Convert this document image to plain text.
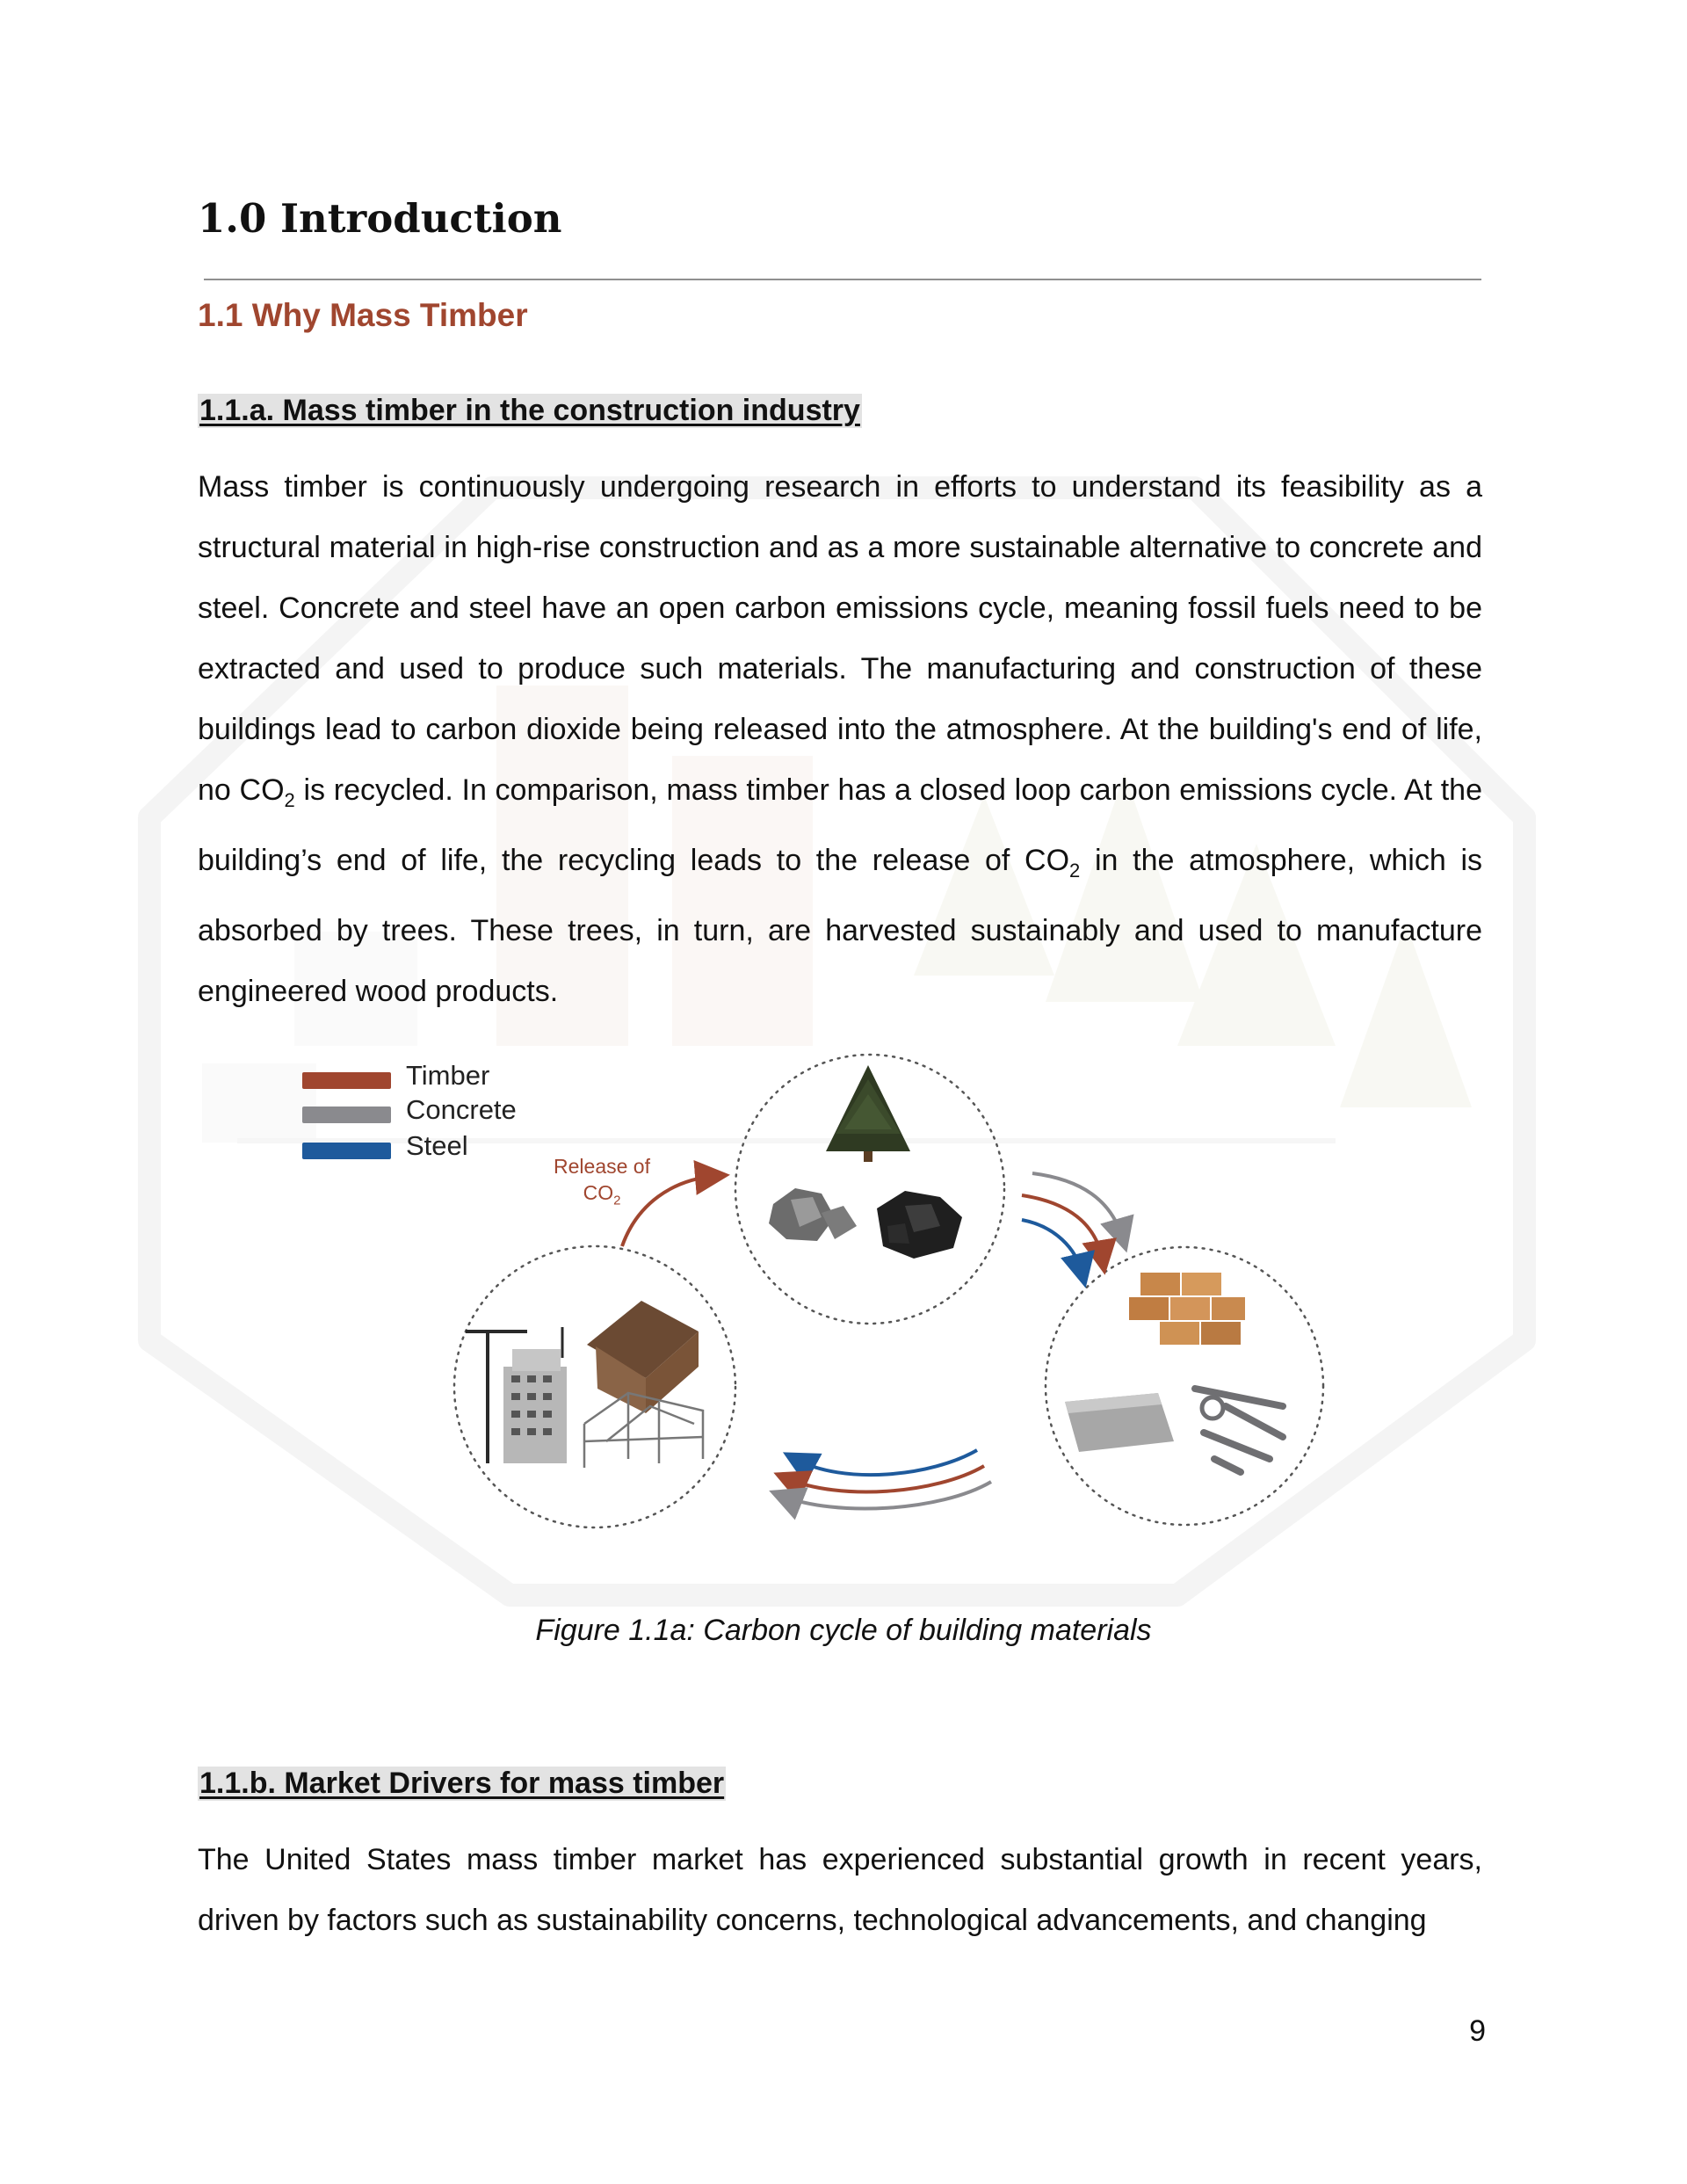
1.0 Introduction
1.1 Why Mass Timber
1.1.a. Mass timber in the construction industry

Mass timber is continuously undergoing research in efforts to understand its feasibility as a structural material in high-rise construction and as a more sustainable alternative to concrete and steel. Concrete and steel have an open carbon emissions cycle, meaning fossil fuels need to be extracted and used to produce such materials. The manufacturing and construction of these buildings lead to carbon dioxide being released into the atmosphere. At the building's end of life, no $CO_2$ is recycled. In comparison, mass timber has a closed loop carbon emissions cycle. At the building’s end of life, the recycling leads to the release of $CO_2$ in the atmosphere, which is absorbed by trees. These trees, in turn, are harvested sustainably and used to manufacture engineered wood products.

Timber
Concrete
Steel
Release of
$CO_2$

Figure 1.1a: Carbon cycle of building materials

1.1.b. Market Drivers for mass timber

The United States mass timber market has experienced substantial growth in recent years, driven by factors such as sustainability concerns, technological advancements, and changing

9
